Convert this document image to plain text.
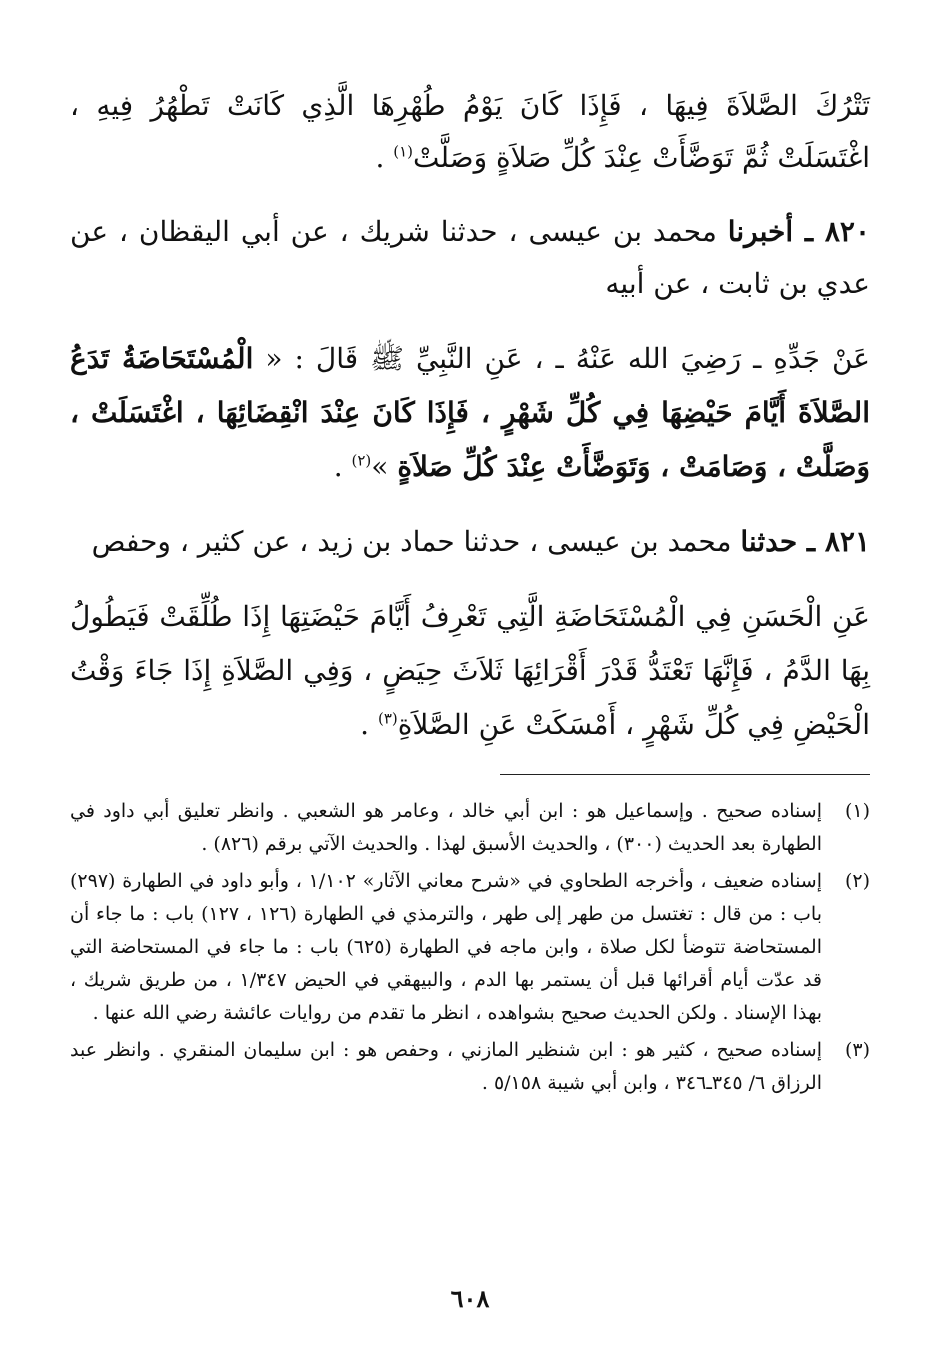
تَتْرُكَ الصَّلاَةَ فِيهَا ، فَإِذَا كَانَ يَوْمُ طُهْرِهَا الَّذِي كَانَتْ تَطْهُرُ فِيهِ ، اغْتَسَلَتْ ثُمَّ تَوَضَّأَتْ عِنْدَ كُلِّ صَلاَةٍ وَصَلَّتْ$^{(١)}$ .

٨٢٠ ـ أخبرنا محمد بن عيسى ، حدثنا شريك ، عن أبي اليقظان ، عن عدي بن ثابت ، عن أبيه

عَنْ جَدِّهِ ـ رَضِيَ الله عَنْهُ ـ ، عَنِ النَّبِيِّ ﷺ قَالَ : « الْمُسْتَحَاضَةُ تَدَعُ الصَّلاَةَ أَيَّامَ حَيْضِهَا فِي كُلِّ شَهْرٍ ، فَإِذَا كَانَ عِنْدَ انْقِضَائِهَا ، اغْتَسَلَتْ ، وَصَلَّتْ ، وَصَامَتْ ، وَتَوَضَّأَتْ عِنْدَ كُلِّ صَلاَةٍ »$^{(٢)}$ .

٨٢١ ـ حدثنا محمد بن عيسى ، حدثنا حماد بن زيد ، عن كثير ، وحفص

عَنِ الْحَسَنِ فِي الْمُسْتَحَاضَةِ الَّتِي تَعْرِفُ أَيَّامَ حَيْضَتِهَا إِذَا طُلِّقَتْ فَيَطُولُ بِهَا الدَّمُ ، فَإِنَّهَا تَعْتَدُّ قَدْرَ أَقْرَائِهَا ثَلاَثَ حِيَضٍ ، وَفِي الصَّلاَةِ إِذَا جَاءَ وَقْتُ الْحَيْضِ فِي كُلِّ شَهْرٍ ، أَمْسَكَتْ عَنِ الصَّلاَةِ$^{(٣)}$ .

(١)
إسناده صحيح . وإسماعيل هو : ابن أبي خالد ، وعامر هو الشعبي . وانظر تعليق أبي داود في الطهارة بعد الحديث (٣٠٠) ، والحديث الأسبق لهذا . والحديث الآتي برقم (٨٢٦) .
(٢)
إسناده ضعيف ، وأخرجه الطحاوي في «شرح معاني الآثار» ١/١٠٢ ، وأبو داود في الطهارة (٢٩٧) باب : من قال : تغتسل من طهر إلى طهر ، والترمذي في الطهارة (١٢٦ ، ١٢٧) باب : ما جاء أن المستحاضة تتوضأ لكل صلاة ، وابن ماجه في الطهارة (٦٢٥) باب : ما جاء في المستحاضة التي قد عدّت أيام أقرائها قبل أن يستمر بها الدم ، والبيهقي في الحيض ١/٣٤٧ ، من طريق شريك ، بهذا الإسناد . ولكن الحديث صحيح بشواهده ، انظر ما تقدم من روايات عائشة رضي الله عنها .
(٣)
إسناده صحيح ، كثير هو : ابن شنظير المازني ، وحفص هو : ابن سليمان المنقري . وانظر عبد الرزاق ٦/ ٣٤٥ـ٣٤٦ ، وابن أبي شيبة ٥/١٥٨ .
٦٠٨
